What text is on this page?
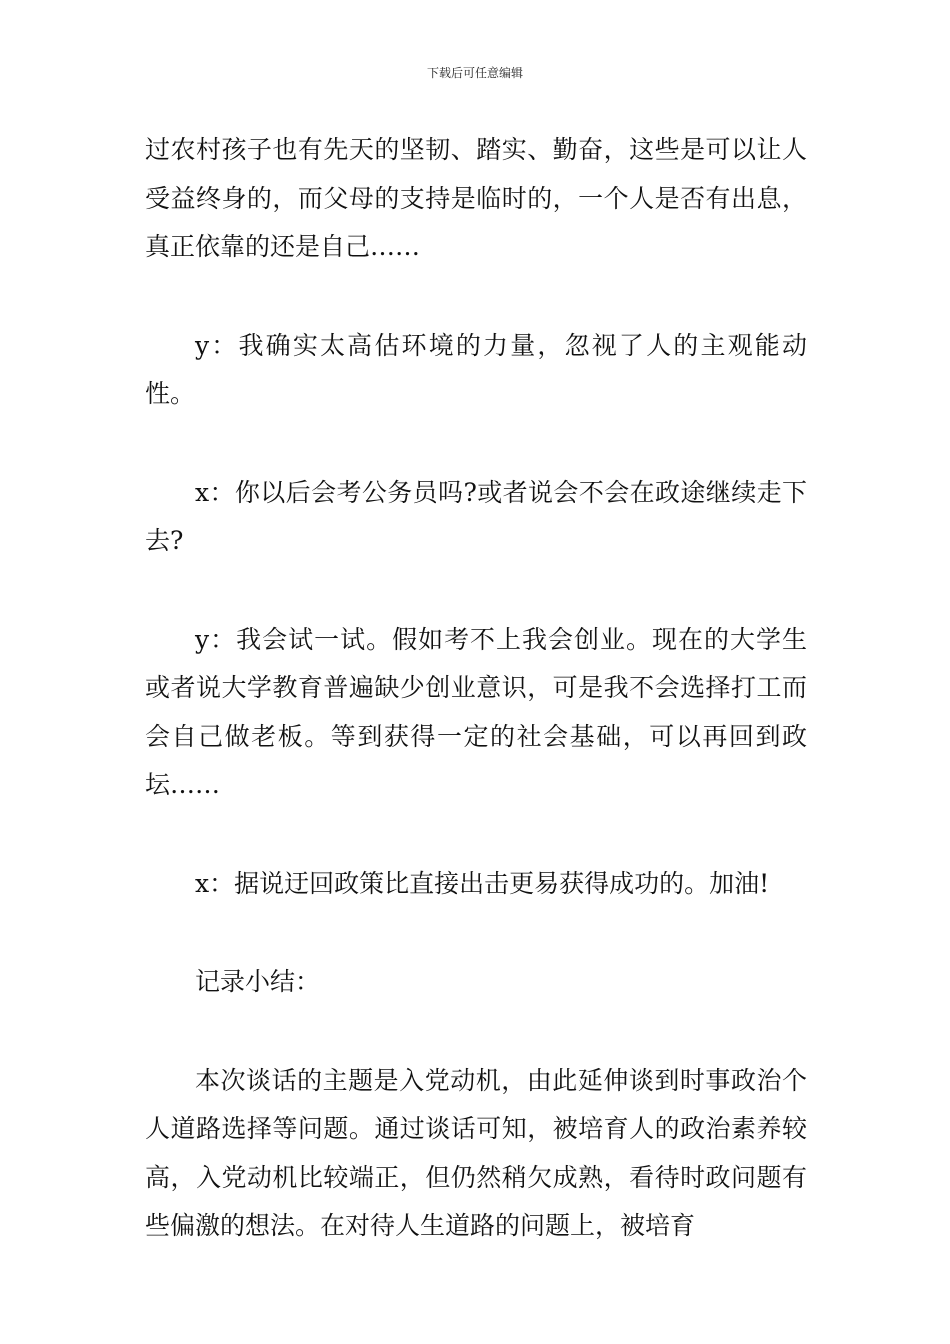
下载后可任意编辑

过农村孩子也有先天的坚韧、踏实、勤奋，这些是可以让人受益终身的，而父母的支持是临时的，一个人是否有出息，真正依靠的还是自己……

y：我确实太高估环境的力量，忽视了人的主观能动性。

x：你以后会考公务员吗?或者说会不会在政途继续走下去?

y：我会试一试。假如考不上我会创业。现在的大学生或者说大学教育普遍缺少创业意识，可是我不会选择打工而会自己做老板。等到获得一定的社会基础，可以再回到政坛……

x：据说迂回政策比直接出击更易获得成功的。加油!

记录小结：

本次谈话的主题是入党动机，由此延伸谈到时事政治个人道路选择等问题。通过谈话可知，被培育人的政治素养较高，入党动机比较端正，但仍然稍欠成熟，看待时政问题有些偏激的想法。在对待人生道路的问题上，被培育
